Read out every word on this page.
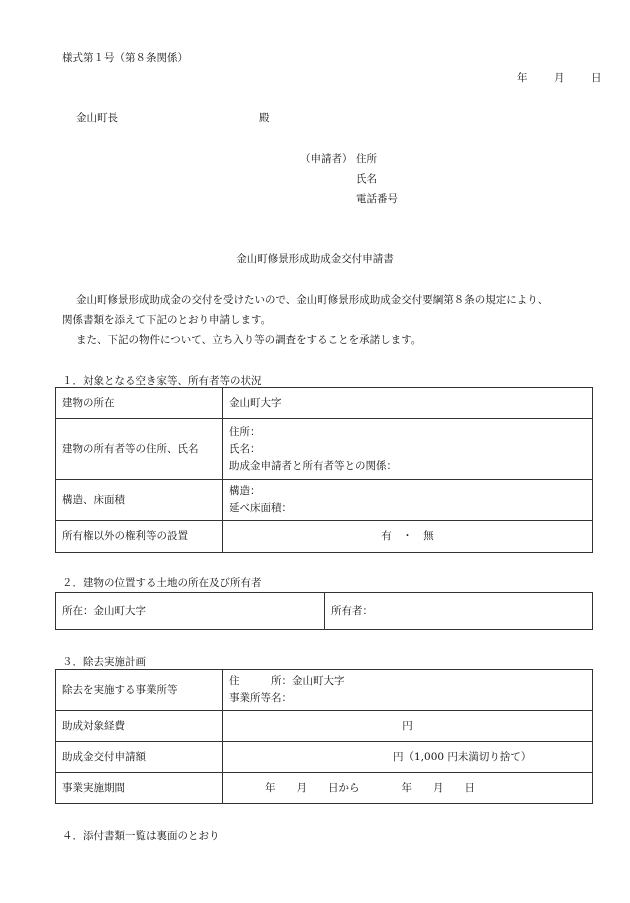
様式第１号（第８条関係）
年	月	日
金山町長	殿
（申請者） 住所
氏名
電話番号
金山町修景形成助成金交付申請書
金山町修景形成助成金の交付を受けたいので、金山町修景形成助成金交付要綱第８条の規定により、
関係書類を添えて下記のとおり申請します。
また、下記の物件について、立ち入り等の調査をすることを承諾します。
１．対象となる空き家等、所有者等の状況
建物の所在	金山町大字
建物の所有者等の住所、氏名	住所：
氏名：
助成金申請者と所有者等との関係：

構造、床面積	構造：
延べ床面積：

所有権以外の権利等の設置	有　・　無
２．建物の位置する土地の所在及び所有者
所在：金山町大字	所有者：
３．除去実施計画
除去を実施する事業所等	住　　　所：金山町大字
事業所等名：

助成対象経費	円
助成金交付申請額	円（1,000 円未満切り捨て）
事業実施期間	年　　月　　日から　　　　年　　月　　日
４．添付書類一覧は裏面のとおり
